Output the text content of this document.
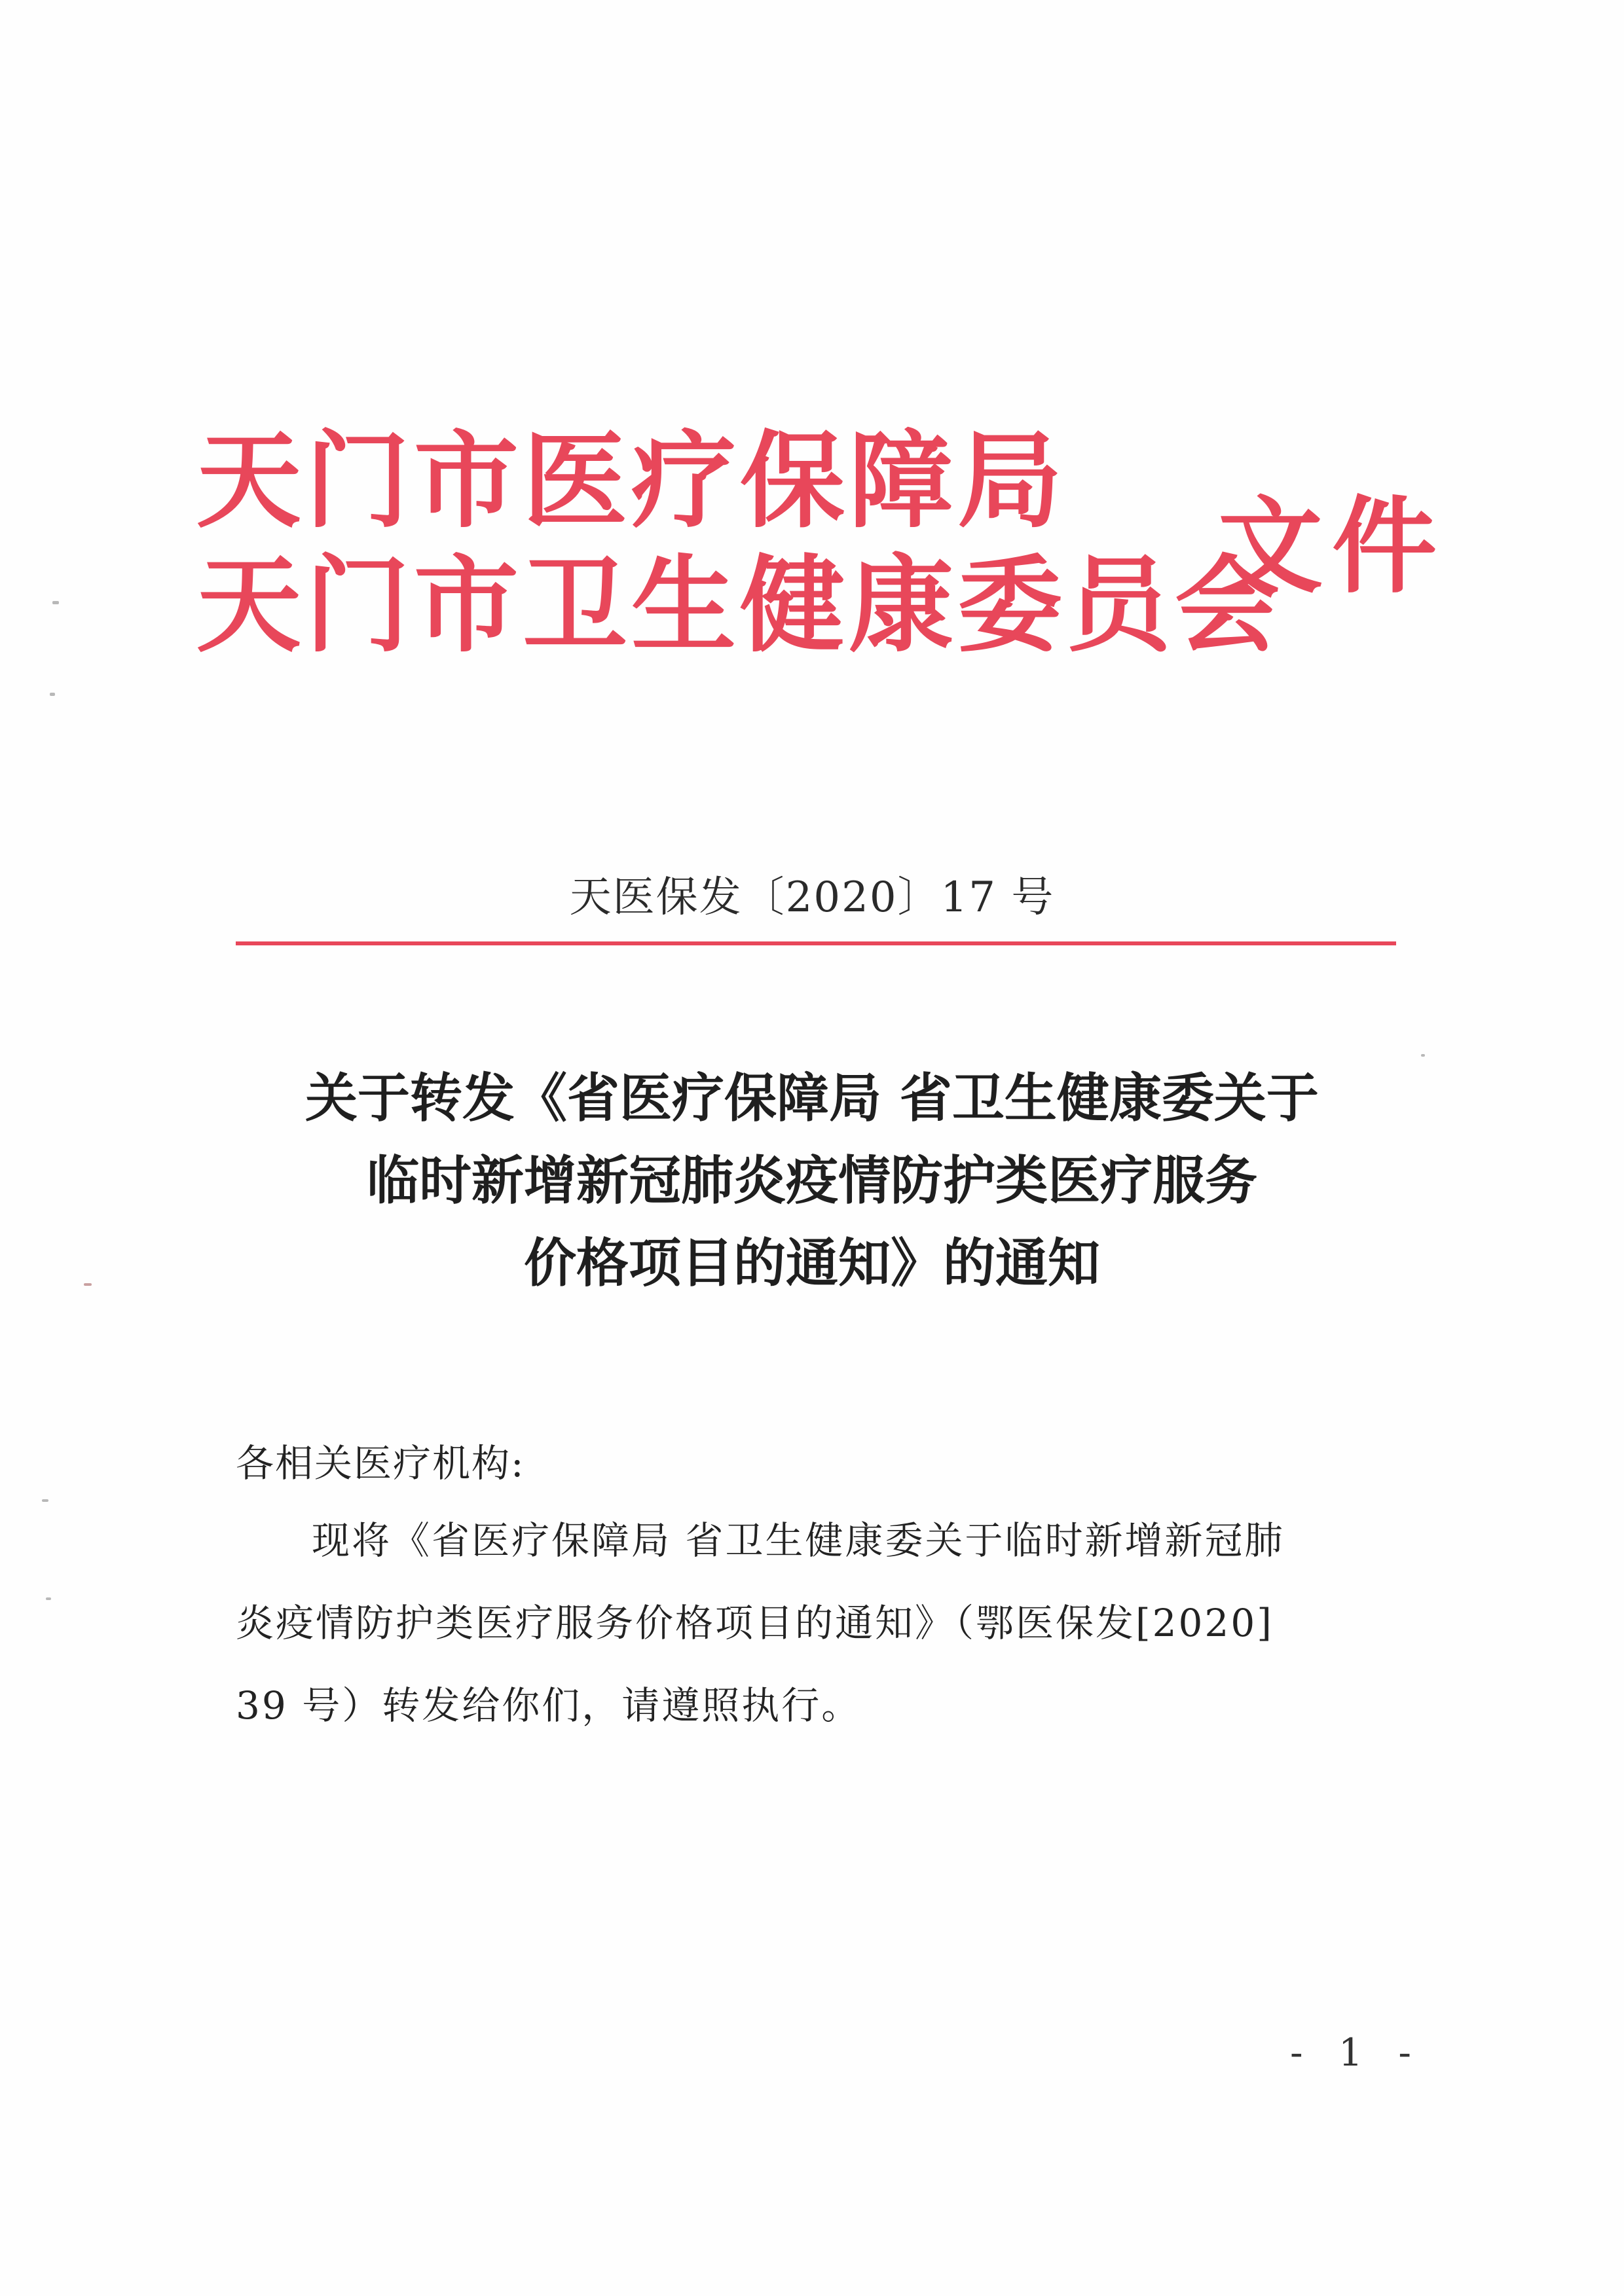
天门市医疗保障局
天门市卫生健康委员会
文件
天医保发〔2020〕17 号
关于转发《省医疗保障局 省卫生健康委关于
临时新增新冠肺炎疫情防护类医疗服务
价格项目的通知》的通知
各相关医疗机构:
现将《省医疗保障局 省卫生健康委关于临时新增新冠肺
炎疫情防护类医疗服务价格项目的通知》（鄂医保发[2020]
39 号）转发给你们，请遵照执行。
- 1 -
